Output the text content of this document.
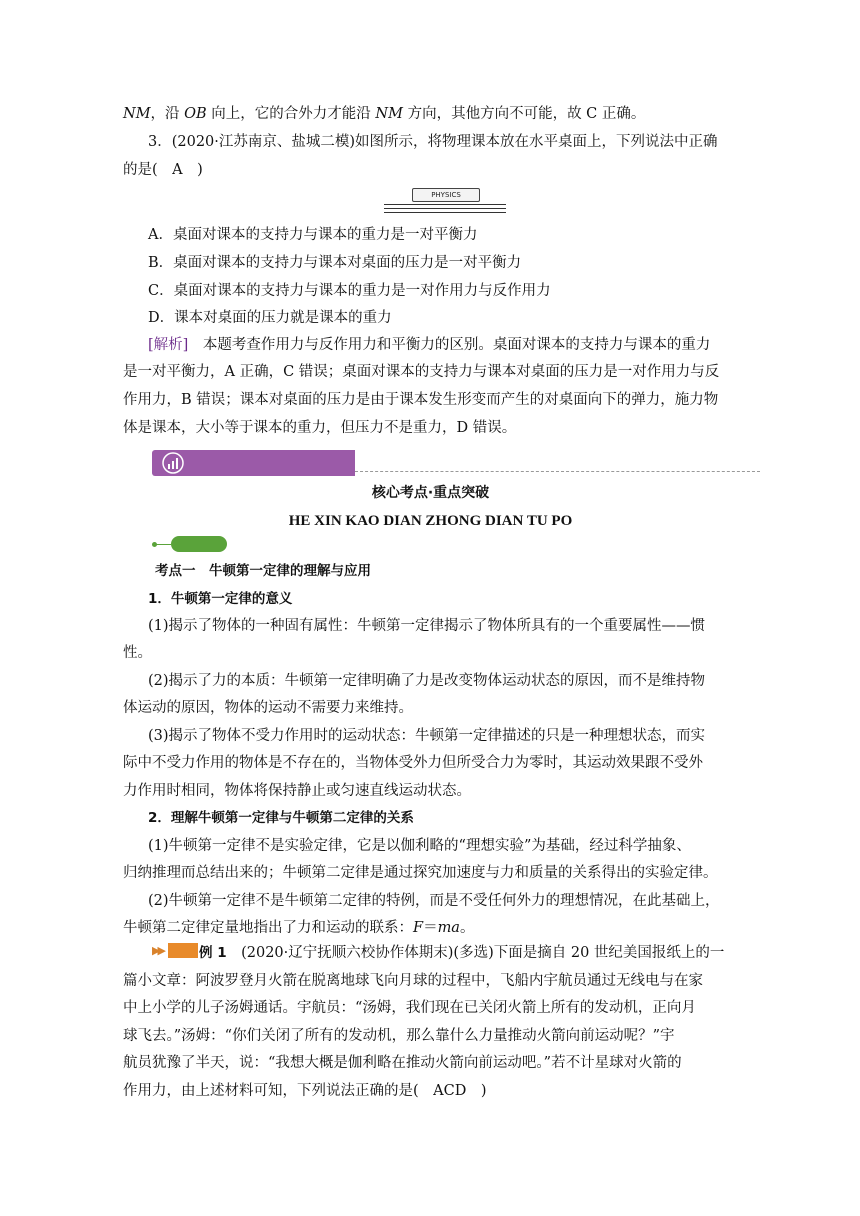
NM，沿 OB 向上，它的合外力才能沿 NM 方向，其他方向不可能，故 C 正确。
3．(2020·江苏南京、盐城二模)如图所示，将物理课本放在水平桌面上，下列说法中正确
的是(　A　)
PHYSICS
A．桌面对课本的支持力与课本的重力是一对平衡力
B．桌面对课本的支持力与课本对桌面的压力是一对平衡力
C．桌面对课本的支持力与课本的重力是一对作用力与反作用力
D．课本对桌面的压力就是课本的重力
[解析]　本题考查作用力与反作用力和平衡力的区别。桌面对课本的支持力与课本的重力
是一对平衡力，A 正确，C 错误；桌面对课本的支持力与课本对桌面的压力是一对作用力与反
作用力，B 错误；课本对桌面的压力是由于课本发生形变而产生的对桌面向下的弹力，施力物
体是课本，大小等于课本的重力，但压力不是重力，D 错误。
核心考点·重点突破
HE XIN KAO DIAN ZHONG DIAN TU PO
考点一　牛顿第一定律的理解与应用
1．牛顿第一定律的意义
(1)揭示了物体的一种固有属性：牛顿第一定律揭示了物体所具有的一个重要属性——惯
性。
(2)揭示了力的本质：牛顿第一定律明确了力是改变物体运动状态的原因，而不是维持物
体运动的原因，物体的运动不需要力来维持。
(3)揭示了物体不受力作用时的运动状态：牛顿第一定律描述的只是一种理想状态，而实
际中不受力作用的物体是不存在的，当物体受外力但所受合力为零时，其运动效果跟不受外
力作用时相同，物体将保持静止或匀速直线运动状态。
2．理解牛顿第一定律与牛顿第二定律的关系
(1)牛顿第一定律不是实验定律，它是以伽利略的“理想实验”为基础，经过科学抽象、
归纳推理而总结出来的；牛顿第二定律是通过探究加速度与力和质量的关系得出的实验定律。
(2)牛顿第一定律不是牛顿第二定律的特例，而是不受任何外力的理想情况，在此基础上，
牛顿第二定律定量地指出了力和运动的联系：F＝ma。
▶▶	例 1　(2020·辽宁抚顺六校协作体期末)(多选)下面是摘自 20 世纪美国报纸上的一
篇小文章：阿波罗登月火箭在脱离地球飞向月球的过程中，飞船内宇航员通过无线电与在家
中上小学的儿子汤姆通话。宇航员：“汤姆，我们现在已关闭火箭上所有的发动机，正向月
球飞去。”汤姆：“你们关闭了所有的发动机，那么靠什么力量推动火箭向前运动呢？”宇
航员犹豫了半天，说：“我想大概是伽利略在推动火箭向前运动吧。”若不计星球对火箭的
作用力，由上述材料可知，下列说法正确的是(　ACD　)
